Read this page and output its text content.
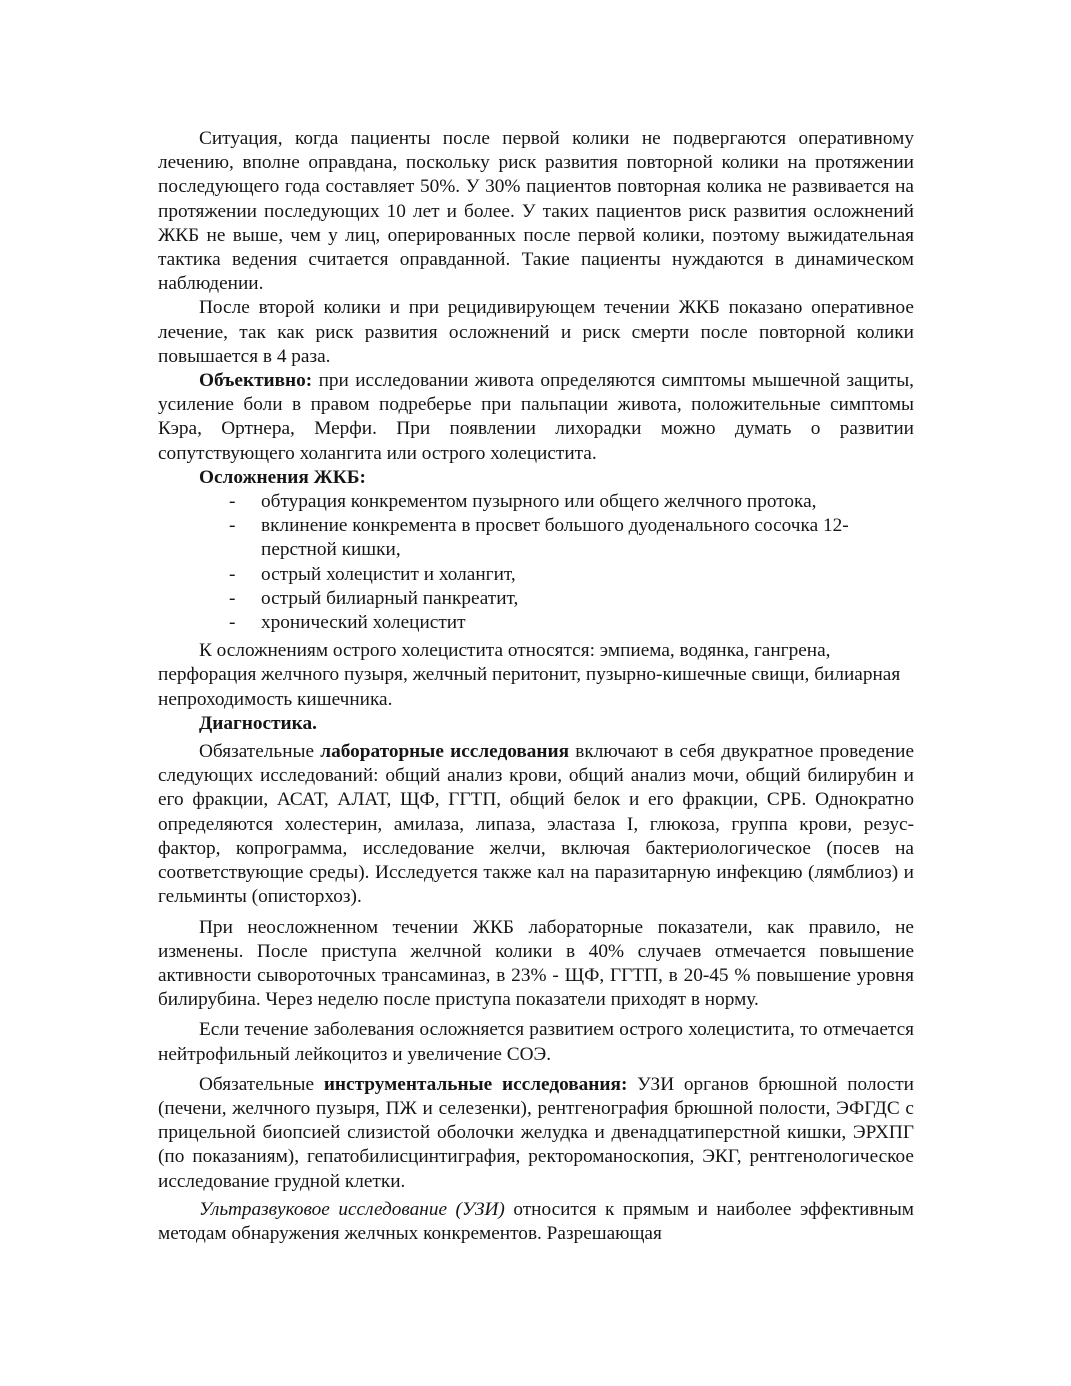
Ситуация, когда пациенты после первой колики не подвергаются оперативному лечению, вполне оправдана, поскольку риск развития повторной колики на протяжении последующего года составляет 50%. У 30% пациентов повторная колика не развивается на протяжении последующих 10 лет и более. У таких пациентов риск развития осложнений ЖКБ не выше, чем у лиц, оперированных после первой колики, поэтому выжидательная тактика ведения считается оправданной. Такие пациенты нуждаются в динамическом наблюдении.

После второй колики и при рецидивирующем течении ЖКБ показано оперативное лечение, так как риск развития осложнений и риск смерти после повторной колики повышается в 4 раза.

Объективно: при исследовании живота определяются симптомы мышечной защиты, усиление боли в правом подреберье при пальпации живота, положительные симптомы Кэра, Ортнера, Мерфи. При появлении лихорадки можно думать о развитии сопутствующего холангита или острого холецистита.

Осложнения ЖКБ:
- обтурация конкрементом пузырного или общего желчного протока,
- вклинение конкремента в просвет большого дуоденального сосочка 12-перстной кишки,
- острый холецистит и холангит,
- острый билиарный панкреатит,
- хронический холецистит

К осложнениям острого холецистита относятся: эмпиема, водянка, гангрена, перфорация желчного пузыря, желчный перитонит, пузырно-кишечные свищи, билиарная непроходимость кишечника.

Диагностика.

Обязательные лабораторные исследования включают в себя двукратное проведение следующих исследований: общий анализ крови, общий анализ мочи, общий билирубин и его фракции, АСАТ, АЛАТ, ЩФ, ГГТП, общий белок и его фракции, СРБ. Однократно определяются холестерин, амилаза, липаза, эластаза I, глюкоза, группа крови, резус-фактор, копрограмма, исследование желчи, включая бактериологическое (посев на соответствующие среды). Исследуется также кал на паразитарную инфекцию (лямблиоз) и гельминты (описторхоз).

При неосложненном течении ЖКБ лабораторные показатели, как правило, не изменены. После приступа желчной колики в 40% случаев отмечается повышение активности сывороточных трансаминаз, в 23% - ЩФ, ГГТП, в 20-45 % повышение уровня билирубина. Через неделю после приступа показатели приходят в норму.

Если течение заболевания осложняется развитием острого холецистита, то отмечается нейтрофильный лейкоцитоз и увеличение СОЭ.

Обязательные инструментальные исследования: УЗИ органов брюшной полости (печени, желчного пузыря, ПЖ и селезенки), рентгенография брюшной полости, ЭФГДС с прицельной биопсией слизистой оболочки желудка и двенадцатиперстной кишки, ЭРХПГ (по показаниям), гепатобилисцинтиграфия, ректороманоскопия, ЭКГ, рентгенологическое исследование грудной клетки.

Ультразвуковое исследование (УЗИ) относится к прямым и наиболее эффективным методам обнаружения желчных конкрементов. Разрешающая
